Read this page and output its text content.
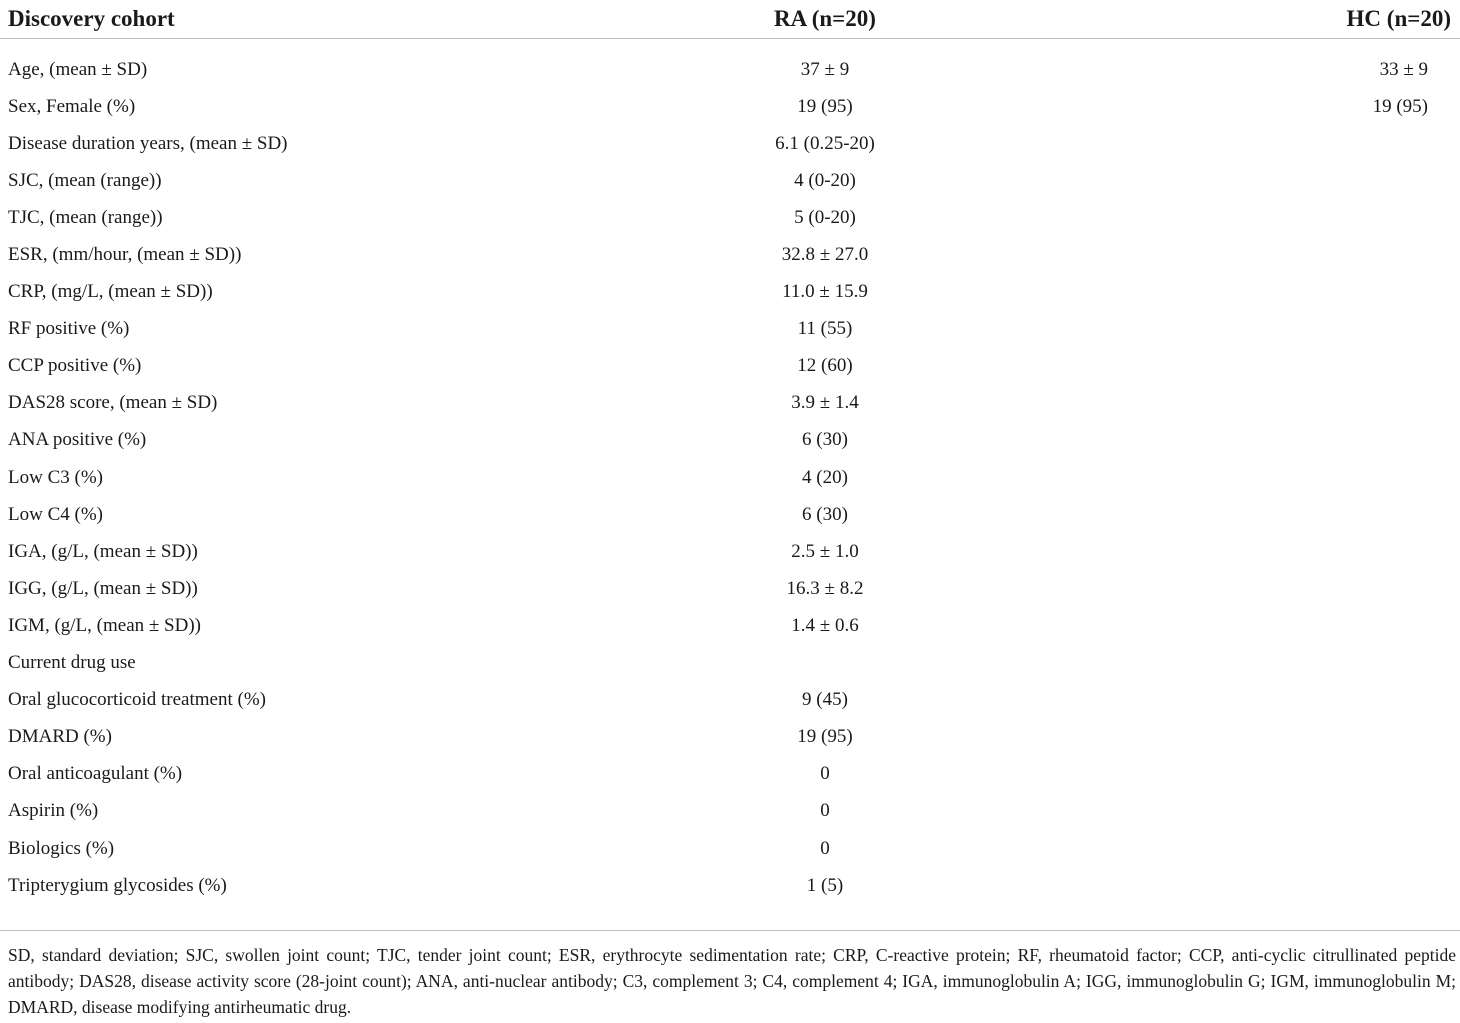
Discovery cohort	RA (n=20)	HC (n=20)

Age, (mean ± SD)	37 ± 9	33 ± 9
Sex, Female (%)	19 (95)	19 (95)
Disease duration years, (mean ± SD)	6.1 (0.25-20)	
SJC, (mean (range))	4 (0-20)	
TJC, (mean (range))	5 (0-20)	
ESR, (mm/hour, (mean ± SD))	32.8 ± 27.0	
CRP, (mg/L, (mean ± SD))	11.0 ± 15.9	
RF positive (%)	11 (55)	
CCP positive (%)	12 (60)	
DAS28 score, (mean ± SD)	3.9 ± 1.4	
ANA positive (%)	6 (30)	
Low C3 (%)	4 (20)	
Low C4 (%)	6 (30)	
IGA, (g/L, (mean ± SD))	2.5 ± 1.0	
IGG, (g/L, (mean ± SD))	16.3 ± 8.2	
IGM, (g/L, (mean ± SD))	1.4 ± 0.6	
Current drug use		
Oral glucocorticoid treatment (%)	9 (45)	
DMARD (%)	19 (95)	
Oral anticoagulant (%)	0	
Aspirin (%)	0	
Biologics (%)	0	
Tripterygium glycosides (%)	1 (5)	
SD, standard deviation; SJC, swollen joint count; TJC, tender joint count; ESR, erythrocyte sedimentation rate; CRP, C-reactive protein; RF, rheumatoid factor; CCP, anti-cyclic citrullinated peptide antibody; DAS28, disease activity score (28-joint count); ANA, anti-nuclear antibody; C3, complement 3; C4, complement 4; IGA, immunoglobulin A; IGG, immunoglobulin G; IGM, immunoglobulin M; DMARD, disease modifying antirheumatic drug.
